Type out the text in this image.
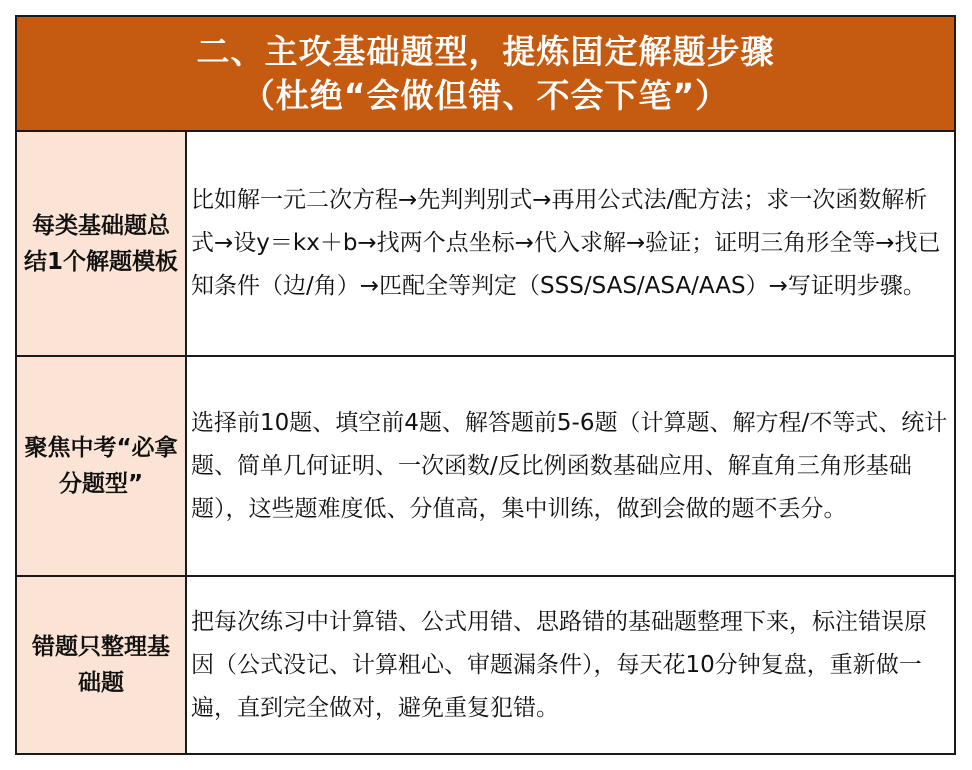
二、主攻基础题型，提炼固定解题步骤
（杜绝“会做但错、不会下笔”）
每类基础题总结1个解题模板
比如解一元二次方程→先判判别式→再用公式法/配方法；求一次函数解析式→设y＝kx＋b→找两个点坐标→代入求解→验证；证明三角形全等→找已知条件（边/角）→匹配全等判定（SSS/SAS/ASA/AAS）→写证明步骤。
聚焦中考“必拿分题型”
选择前10题、填空前4题、解答题前5-6题（计算题、解方程/不等式、统计题、简单几何证明、一次函数/反比例函数基础应用、解直角三角形基础题），这些题难度低、分值高，集中训练，做到会做的题不丢分。
错题只整理基础题
把每次练习中计算错、公式用错、思路错的基础题整理下来，标注错误原因（公式没记、计算粗心、审题漏条件），每天花10分钟复盘，重新做一遍，直到完全做对，避免重复犯错。
